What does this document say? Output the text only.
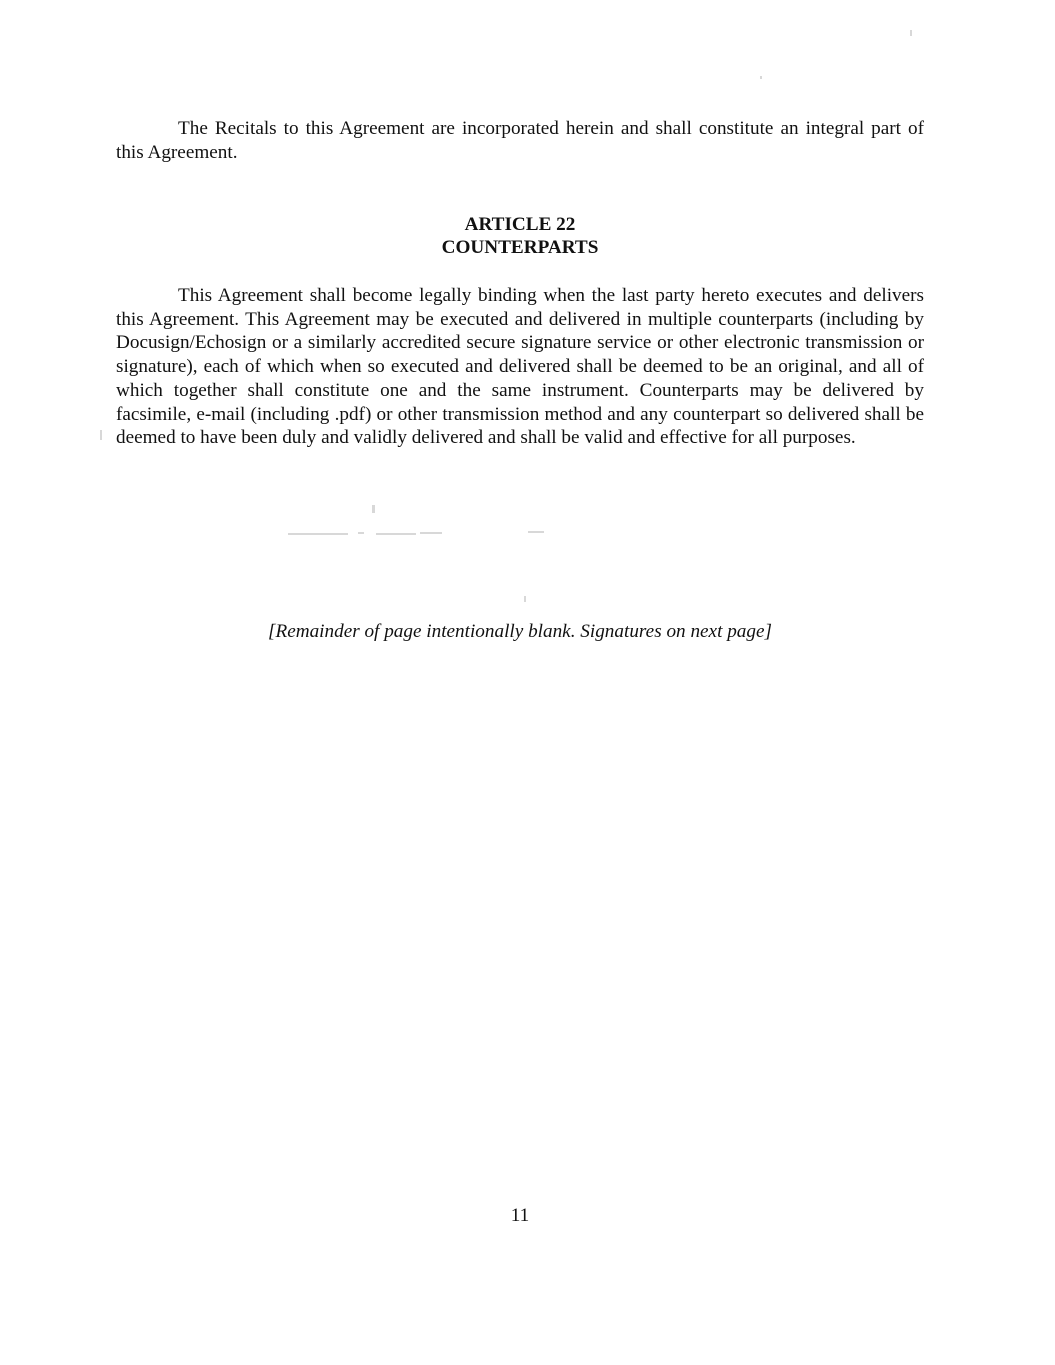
The Recitals to this Agreement are incorporated herein and shall constitute an integral part of this Agreement.

ARTICLE 22
COUNTERPARTS

This Agreement shall become legally binding when the last party hereto executes and delivers this Agreement. This Agreement may be executed and delivered in multiple counterparts (including by Docusign/Echosign or a similarly accredited secure signature service or other electronic transmission or signature), each of which when so executed and delivered shall be deemed to be an original, and all of which together shall constitute one and the same instrument. Counterparts may be delivered by facsimile, e-mail (including .pdf) or other transmission method and any counterpart so delivered shall be deemed to have been duly and validly delivered and shall be valid and effective for all purposes.

[Remainder of page intentionally blank. Signatures on next page]

11
